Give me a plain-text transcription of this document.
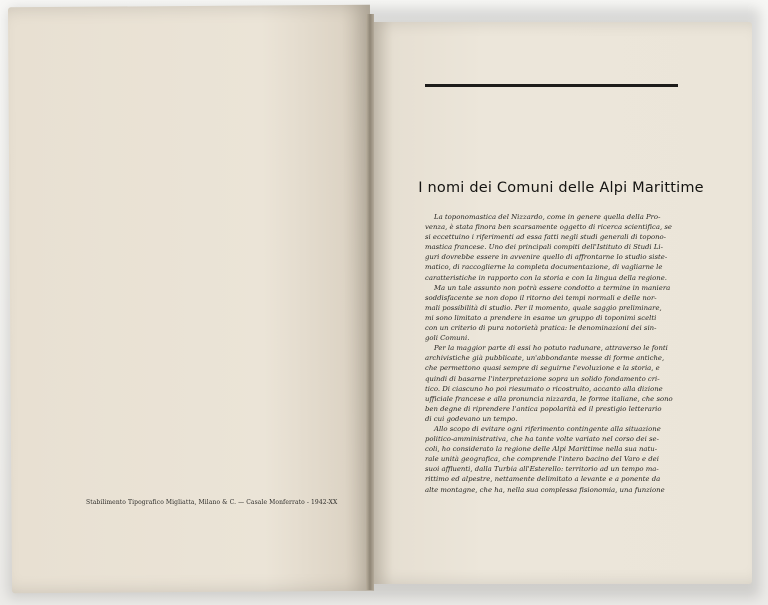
Stabilimento Tipografico Migliatta, Milano & C. — Casale Monferrato - 1942-XX
I nomi dei Comuni delle Alpi Marittime
La toponomastica del Nizzardo, come in genere quella della Pro-
venza, è stata finora ben scarsamente oggetto di ricerca scientifica, se
si eccettuino i riferimenti ad essa fatti negli studi generali di topono-
mastica francese. Uno dei principali compiti dell'Istituto di Studi Li-
guri dovrebbe essere in avvenire quello di affrontarne lo studio siste-
matico, di raccoglierne la completa documentazione, di vagliarne le
caratteristiche in rapporto con la storia e con la lingua della regione.
Ma un tale assunto non potrà essere condotto a termine in maniera
soddisfacente se non dopo il ritorno dei tempi normali e delle nor-
mali possibilità di studio. Per il momento, quale saggio preliminare,
mi sono limitato a prendere in esame un gruppo di toponimi scelti
con un criterio di pura notorietà pratica: le denominazioni dei sin-
goli Comuni.
Per la maggior parte di essi ho potuto radunare, attraverso le fonti
archivistiche già pubblicate, un'abbondante messe di forme antiche,
che permettono quasi sempre di seguirne l'evoluzione e la storia, e
quindi di basarne l'interpretazione sopra un solido fondamento cri-
tico. Di ciascuno ho poi riesumato o ricostruito, accanto alla dizione
ufficiale francese e alla pronuncia nizzarda, le forme italiane, che sono
ben degne di riprendere l'antica popolarità ed il prestigio letterario
di cui godevano un tempo.
Allo scopo di evitare ogni riferimento contingente alla situazione
politico-amministrativa, che ha tante volte variato nel corso dei se-
coli, ho considerato la regione delle Alpi Marittime nella sua natu-
rale unità geografica, che comprende l'intero bacino del Varo e dei
suoi affluenti, dalla Turbia all'Esterello: territorio ad un tempo ma-
rittimo ed alpestre, nettamente delimitato a levante e a ponente da
alte montagne, che ha, nella sua complessa fisionomia, una funzione
